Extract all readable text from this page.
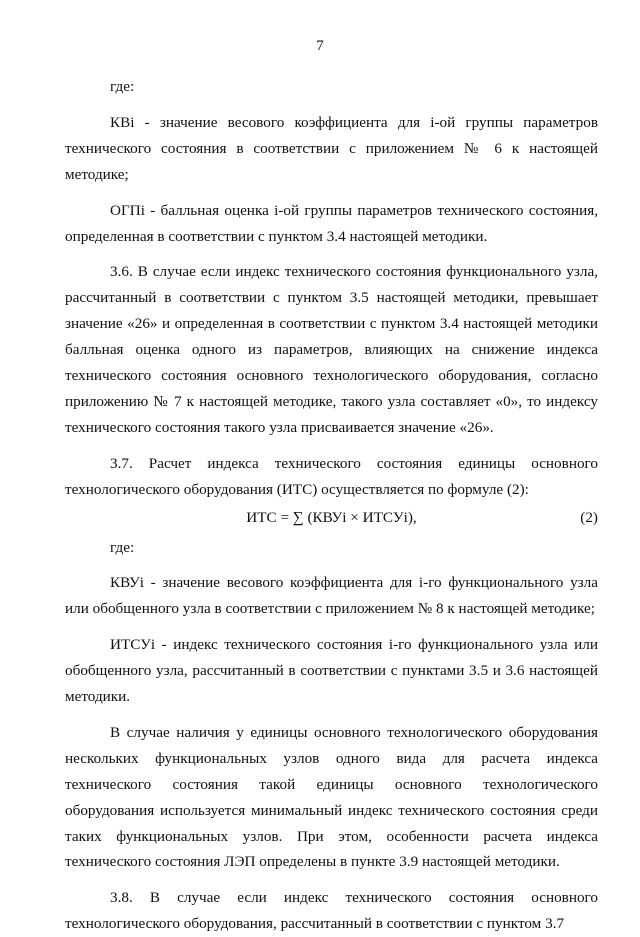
7

где:

КВi - значение весового коэффициента для i-ой группы параметров технического состояния в соответствии с приложением № 6 к настоящей методике;

ОГПi - балльная оценка i-ой группы параметров технического состояния, определенная в соответствии с пунктом 3.4 настоящей методики.

3.6. В случае если индекс технического состояния функционального узла, рассчитанный в соответствии с пунктом 3.5 настоящей методики, превышает значение «26» и определенная в соответствии с пунктом 3.4 настоящей методики балльная оценка одного из параметров, влияющих на снижение индекса технического состояния основного технологического оборудования, согласно приложению № 7 к настоящей методике, такого узла составляет «0», то индексу технического состояния такого узла присваивается значение «26».

3.7. Расчет индекса технического состояния единицы основного технологического оборудования (ИТС) осуществляется по формуле (2):

ИТС = ∑ (КВУi × ИТСУi),	(2)

где:

КВУi - значение весового коэффициента для i-го функционального узла или обобщенного узла в соответствии с приложением № 8 к настоящей методике;

ИТСУi - индекс технического состояния i-го функционального узла или обобщенного узла, рассчитанный в соответствии с пунктами 3.5 и 3.6 настоящей методики.

В случае наличия у единицы основного технологического оборудования нескольких функциональных узлов одного вида для расчета индекса технического состояния такой единицы основного технологического оборудования используется минимальный индекс технического состояния среди таких функциональных узлов. При этом, особенности расчета индекса технического состояния ЛЭП определены в пункте 3.9 настоящей методики.

3.8. В случае если индекс технического состояния основного технологического оборудования, рассчитанный в соответствии с пунктом 3.7
